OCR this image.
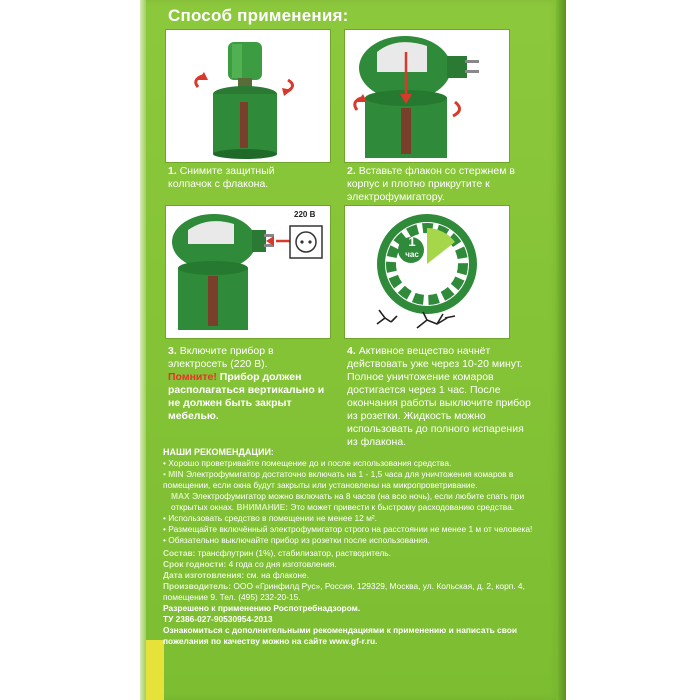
Способ применения:
220 В
1
час
1. Снимите защитный колпачок с флакона.
2. Вставьте флакон со стержнем в корпус и плотно прикрутите к электрофумигатору.
3. Включите прибор в электросеть (220 В).
Помните! Прибор должен располагаться вертикально и не должен быть закрыт мебелью.
4. Активное вещество начнёт действовать уже через 10-20 минут. Полное уничтожение комаров достигается через 1 час. После окончания работы выключите прибор из розетки. Жидкость можно использовать до полного испарения из флакона.
НАШИ РЕКОМЕНДАЦИИ:
• Хорошо проветривайте помещение до и после использования средства.
• MIN Электрофумигатор достаточно включать на 1 - 1,5 часа для уничтожения комаров в помещении, если окна будут закрыты или установлены на микропроветривание.
MAX Электрофумигатор можно включать на 8 часов (на всю ночь), если любите спать при открытых окнах. ВНИМАНИЕ: Это может привести к быстрому расходованию средства.
• Использовать средство в помещении не менее 12 м².
• Размещайте включённый электрофумигатор строго на расстоянии не менее 1 м от человека!
• Обязательно выключайте прибор из розетки после использования.
Состав: трансфлутрин (1%), стабилизатор, растворитель.
Срок годности: 4 года со дня изготовления.
Дата изготовления: см. на флаконе.
Производитель: ООО «Гринфилд Рус», Россия, 129329, Москва, ул. Кольская, д. 2, корп. 4, помещение 9. Тел. (495) 232-20-15.
Разрешено к применению Роспотребнадзором.
ТУ 2386-027-90530954-2013
Ознакомиться с дополнительными рекомендациями к применению и написать свои пожелания по качеству можно на сайте www.gf-r.ru.
